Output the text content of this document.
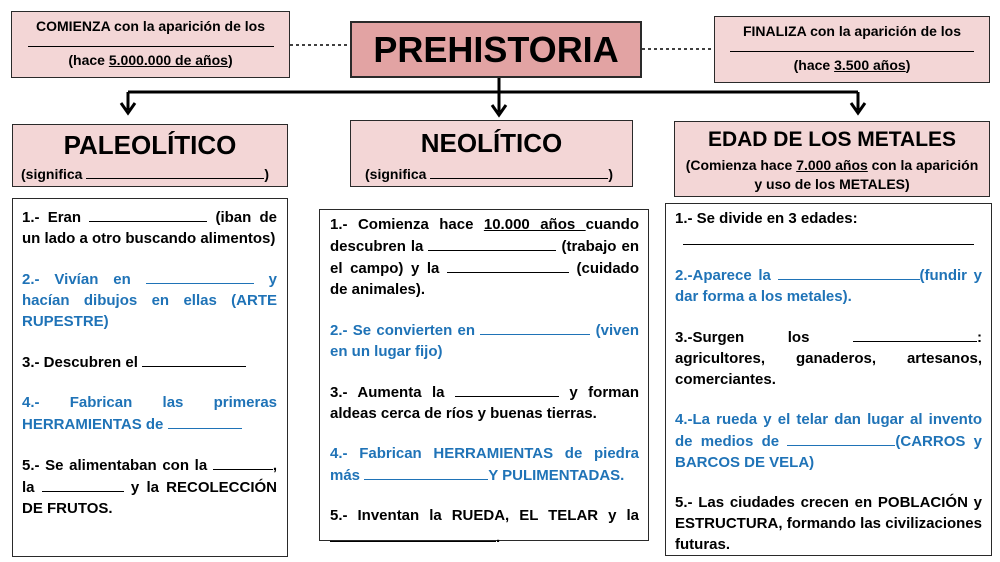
COMIENZA con la aparición de los

(hace 5.000.000 de años)	PREHISTORIA	FINALIZA con la aparición de los

(hace 3.500 años)

PALEOLÍTICO

(significa	)

NEOLÍTICO

(significa	)

EDAD DE LOS METALES

(Comienza hace 7.000 años con la aparición y uso de los METALES)

1.- Eran	(iban de un lado a otro buscando alimentos)

2.- Vivían en	y hacían dibujos en ellas (ARTE RUPESTRE)

3.- Descubren el

4.- Fabrican las primeras HERRAMIENTAS de

5.- Se alimentaban con la	, la	y la RECOLECCIÓN DE FRUTOS.

1.- Comienza hace 10.000 años cuando descubren la	(trabajo en el campo) y la	(cuidado de animales).

2.- Se convierten en	(viven en un lugar fijo)

3.- Aumenta la	y forman aldeas cerca de ríos y buenas tierras.

4.- Fabrican HERRAMIENTAS de piedra más	Y PULIMENTADAS.

5.- Inventan la RUEDA, EL TELAR y la .

1.- Se divide en 3 edades:

2.-Aparece la	(fundir y dar forma a los metales).

3.-Surgen los	: agricultores, ganaderos, artesanos, comerciantes.

4.-La rueda y el telar dan lugar al invento de medios de	(CARROS y BARCOS DE VELA)

5.- Las ciudades crecen en POBLACIÓN y ESTRUCTURA, formando las civilizaciones futuras.
